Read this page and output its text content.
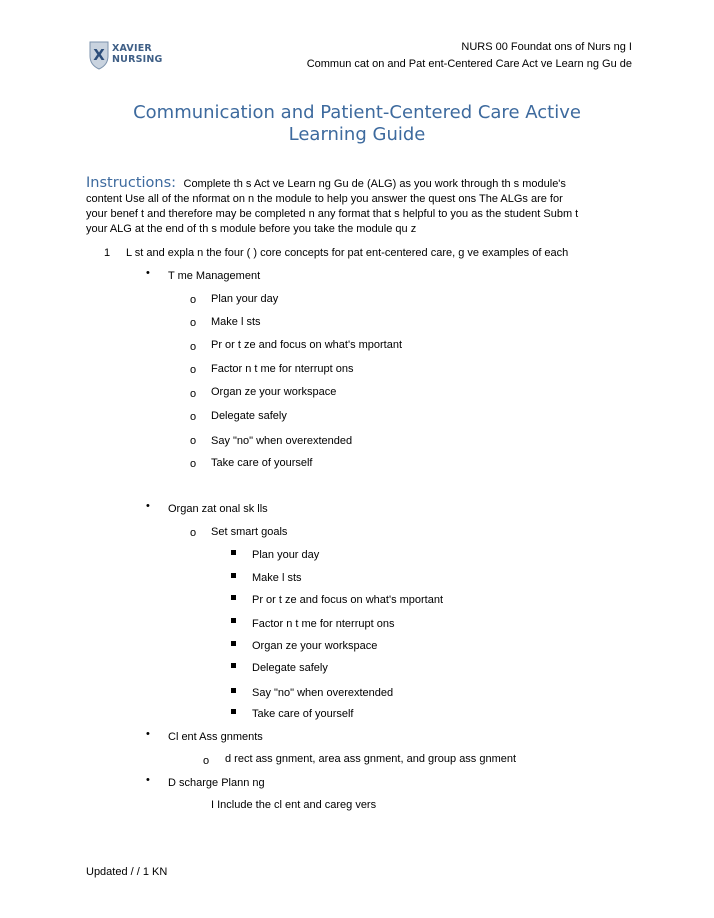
X XAVIER
NURSING
NURS 00 Foundat ons of Nurs ng I
Commun cat on and Pat ent-Centered Care Act ve Learn ng Gu de
Communication and Patient-Centered Care Active
Learning Guide
Instructions: Complete th s Act ve Learn ng Gu de (ALG) as you work through th s module's
content Use all of the nformat on n the module to help you answer the quest ons The ALGs are for
your benef t and therefore may be completed n any format that s helpful to you as the student Subm t
your ALG at the end of th s module before you take the module qu z
1 L st and expla n the four ( ) core concepts for pat ent-centered care, g ve examples of each
• T me Management
o Plan your day
o Make l sts
o Pr or t ze and focus on what's mportant
o Factor n t me for nterrupt ons
o Organ ze your workspace
o Delegate safely
o Say "no" when overextended
o Take care of yourself
• Organ zat onal sk lls
o Set smart goals
Plan your day
Make l sts
Pr or t ze and focus on what's mportant
Factor n t me for nterrupt ons
Organ ze your workspace
Delegate safely
Say "no" when overextended
Take care of yourself
• Cl ent Ass gnments
o d rect ass gnment, area ass gnment, and group ass gnment
• D scharge Plann ng
I Include the cl ent and careg vers
Updated / / 1 KN
